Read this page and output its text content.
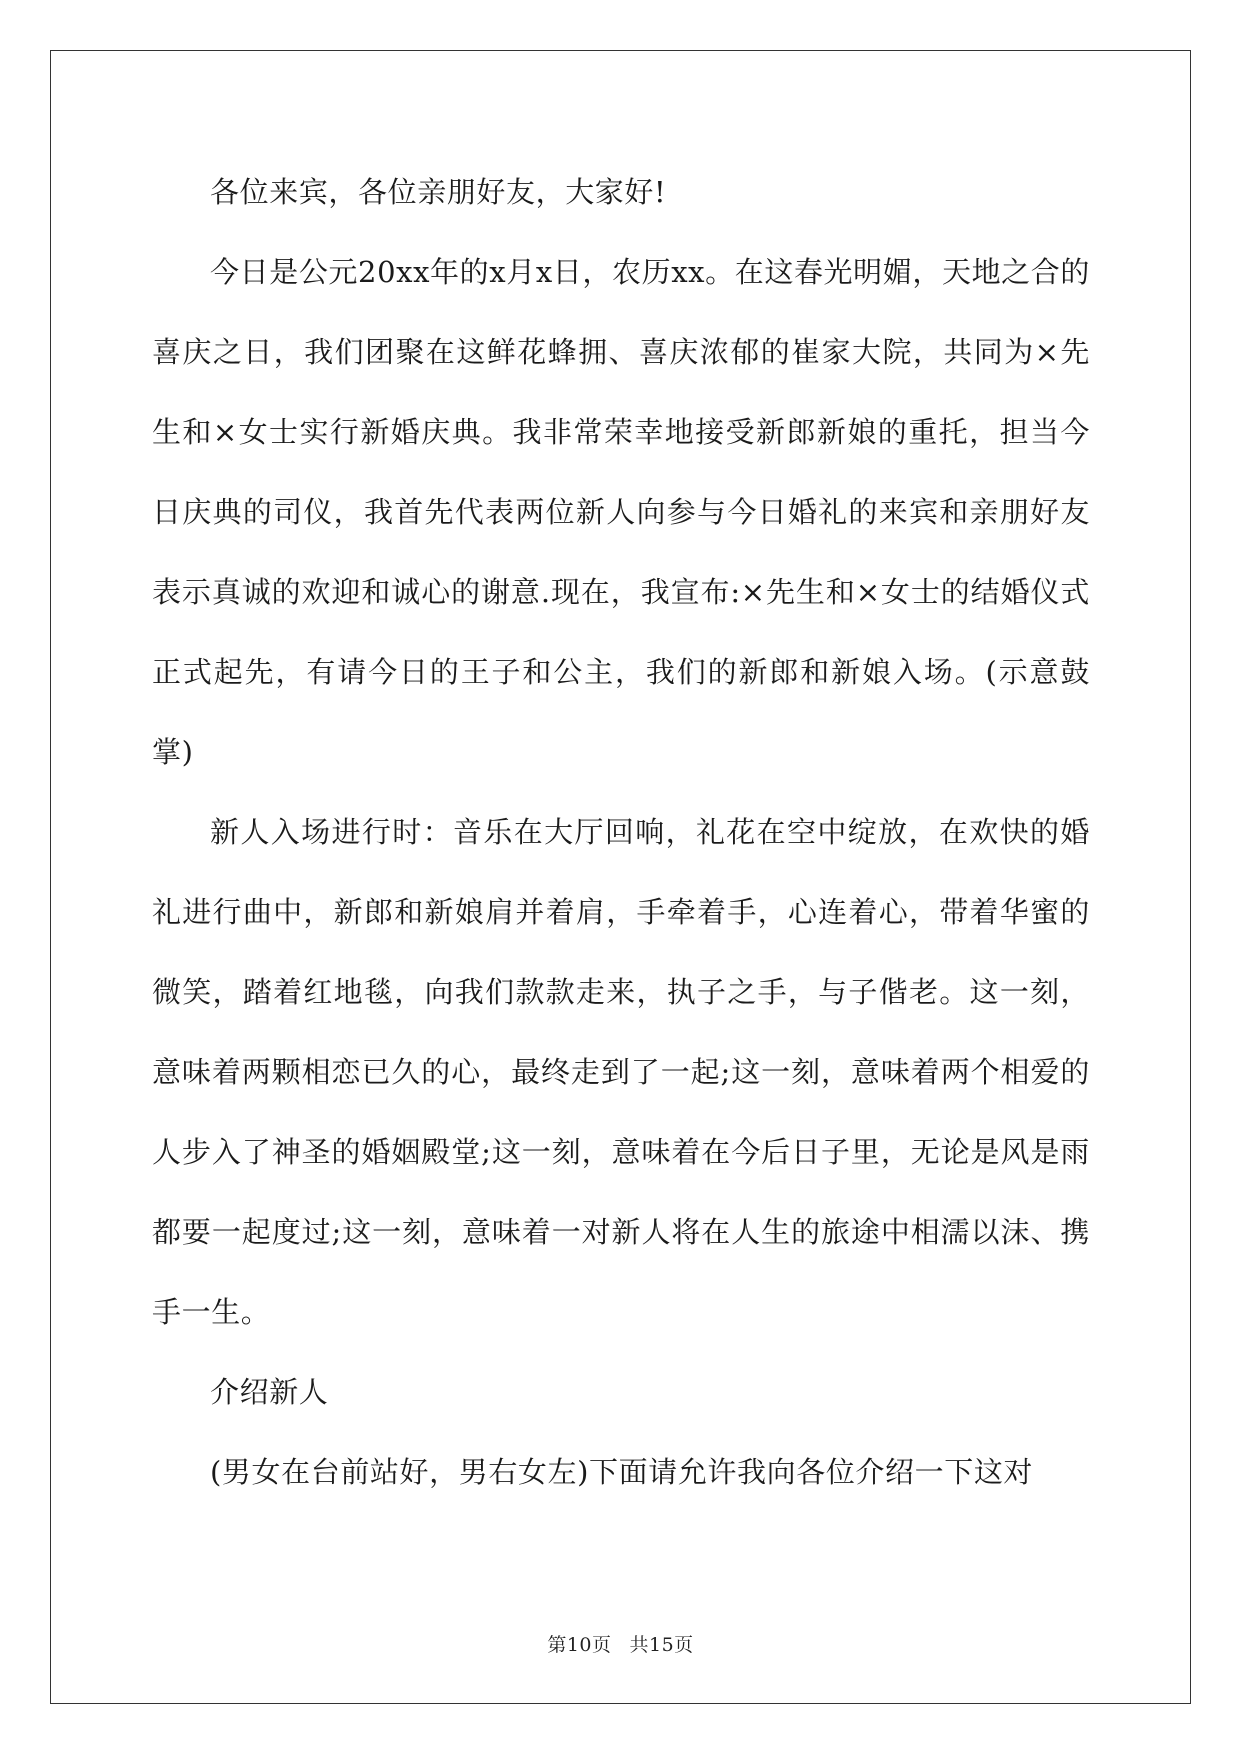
各位来宾，各位亲朋好友，大家好!

今日是公元20xx年的x月x日，农历xx。在这春光明媚，天地之合的喜庆之日，我们团聚在这鲜花蜂拥、喜庆浓郁的崔家大院，共同为×先生和×女士实行新婚庆典。我非常荣幸地接受新郎新娘的重托，担当今日庆典的司仪，我首先代表两位新人向参与今日婚礼的来宾和亲朋好友表示真诚的欢迎和诚心的谢意.现在，我宣布:×先生和×女士的结婚仪式正式起先，有请今日的王子和公主，我们的新郎和新娘入场。(示意鼓掌)

新人入场进行时：音乐在大厅回响，礼花在空中绽放，在欢快的婚礼进行曲中，新郎和新娘肩并着肩，手牵着手，心连着心，带着华蜜的微笑，踏着红地毯，向我们款款走来，执子之手，与子偕老。这一刻，意味着两颗相恋已久的心，最终走到了一起;这一刻，意味着两个相爱的人步入了神圣的婚姻殿堂;这一刻，意味着在今后日子里，无论是风是雨都要一起度过;这一刻，意味着一对新人将在人生的旅途中相濡以沫、携手一生。

介绍新人

(男女在台前站好，男右女左)下面请允许我向各位介绍一下这对

第10页 共15页
